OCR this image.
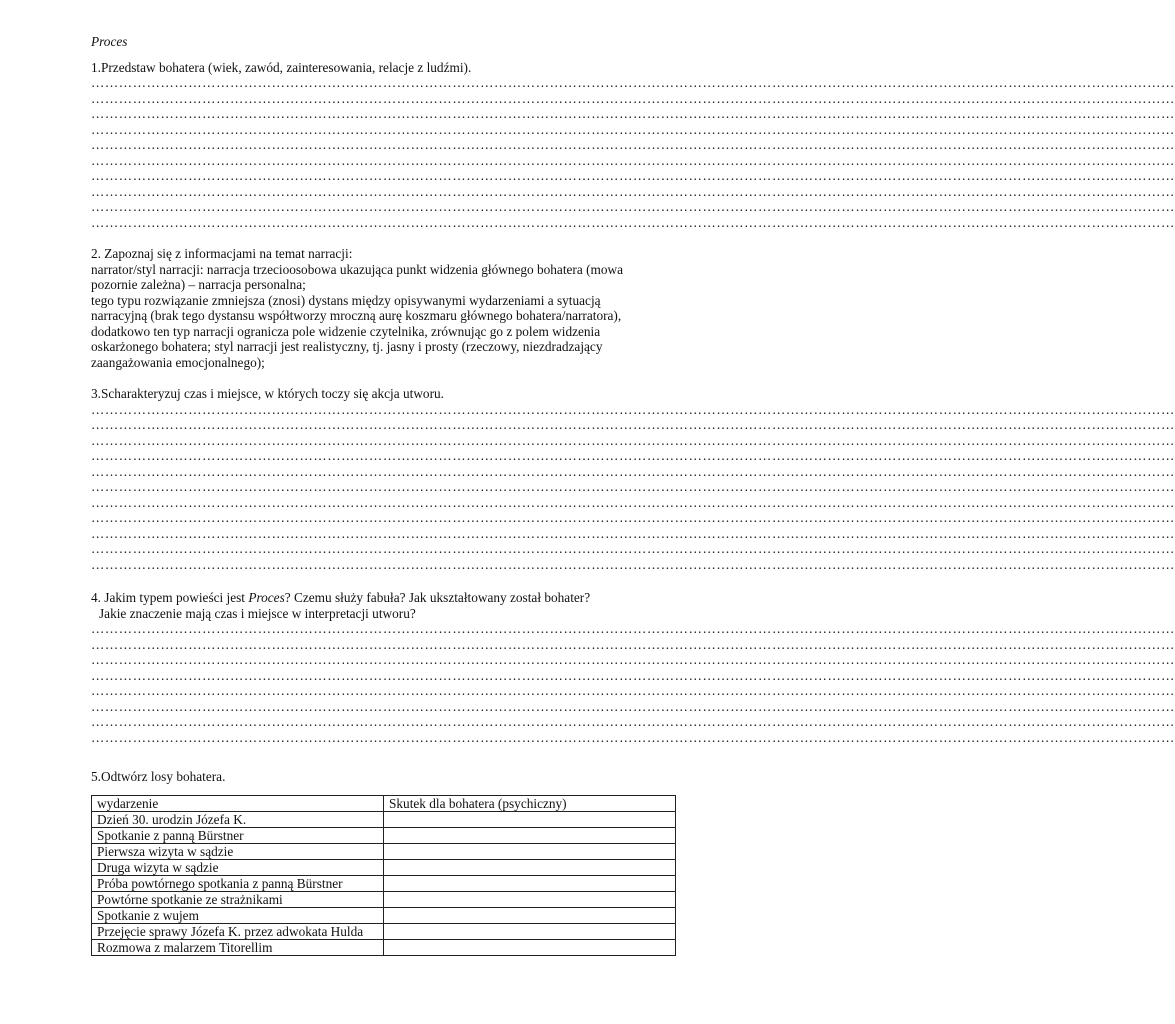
Proces

1.Przedstaw bohatera (wiek, zawód, zainteresowania, relacje z ludźmi).

………………………………………………………………………………………………………………………………………………………………………………………………………………
………………………………………………………………………………………………………………………………………………………………………………………………………………
………………………………………………………………………………………………………………………………………………………………………………………………………………
………………………………………………………………………………………………………………………………………………………………………………………………………………
………………………………………………………………………………………………………………………………………………………………………………………………………………
………………………………………………………………………………………………………………………………………………………………………………………………………………
………………………………………………………………………………………………………………………………………………………………………………………………………………
………………………………………………………………………………………………………………………………………………………………………………………………………………
………………………………………………………………………………………………………………………………………………………………………………………………………………
………………………………………………………………………………………………………………………………………………………………………………………………………………

2. Zapoznaj się z informacjami na temat narracji:

narrator/styl narracji: narracja trzecioosobowa ukazująca punkt widzenia głównego bohatera (mowa

pozornie zależna) – narracja personalna;

tego typu rozwiązanie zmniejsza (znosi) dystans między opisywanymi wydarzeniami a sytuacją

narracyjną (brak tego dystansu współtworzy mroczną aurę koszmaru głównego bohatera/narratora),

dodatkowo ten typ narracji ogranicza pole widzenie czytelnika, zrównując go z polem widzenia

oskarżonego bohatera; styl narracji jest realistyczny, tj. jasny i prosty (rzeczowy, niezdradzający

zaangażowania emocjonalnego);

3.Scharakteryzuj czas i miejsce, w których toczy się akcja utworu.

………………………………………………………………………………………………………………………………………………………………………………………………………………
………………………………………………………………………………………………………………………………………………………………………………………………………………
………………………………………………………………………………………………………………………………………………………………………………………………………………
………………………………………………………………………………………………………………………………………………………………………………………………………………
………………………………………………………………………………………………………………………………………………………………………………………………………………
………………………………………………………………………………………………………………………………………………………………………………………………………………
………………………………………………………………………………………………………………………………………………………………………………………………………………
………………………………………………………………………………………………………………………………………………………………………………………………………………
………………………………………………………………………………………………………………………………………………………………………………………………………………
………………………………………………………………………………………………………………………………………………………………………………………………………………
………………………………………………………………………………………………………………………………………………………………………………………………………………

4. Jakim typem powieści jest Proces? Czemu służy fabuła? Jak ukształtowany został bohater?

Jakie znaczenie mają czas i miejsce w interpretacji utworu?

………………………………………………………………………………………………………………………………………………………………………………………………………………
………………………………………………………………………………………………………………………………………………………………………………………………………………
………………………………………………………………………………………………………………………………………………………………………………………………………………
………………………………………………………………………………………………………………………………………………………………………………………………………………
………………………………………………………………………………………………………………………………………………………………………………………………………………
………………………………………………………………………………………………………………………………………………………………………………………………………………
………………………………………………………………………………………………………………………………………………………………………………………………………………
………………………………………………………………………………………………………………………………………………………………………………………………………………

5.Odtwórz losy bohatera.

wydarzenie	Skutek dla bohatera (psychiczny)
Dzień 30. urodzin Józefa K.	
Spotkanie z panną Bürstner	
Pierwsza wizyta w sądzie	
Druga wizyta w sądzie	
Próba powtórnego spotkania z panną Bürstner	
Powtórne spotkanie ze strażnikami	
Spotkanie z wujem	
Przejęcie sprawy Józefa K. przez adwokata Hulda	
Rozmowa z malarzem Titorellim	
